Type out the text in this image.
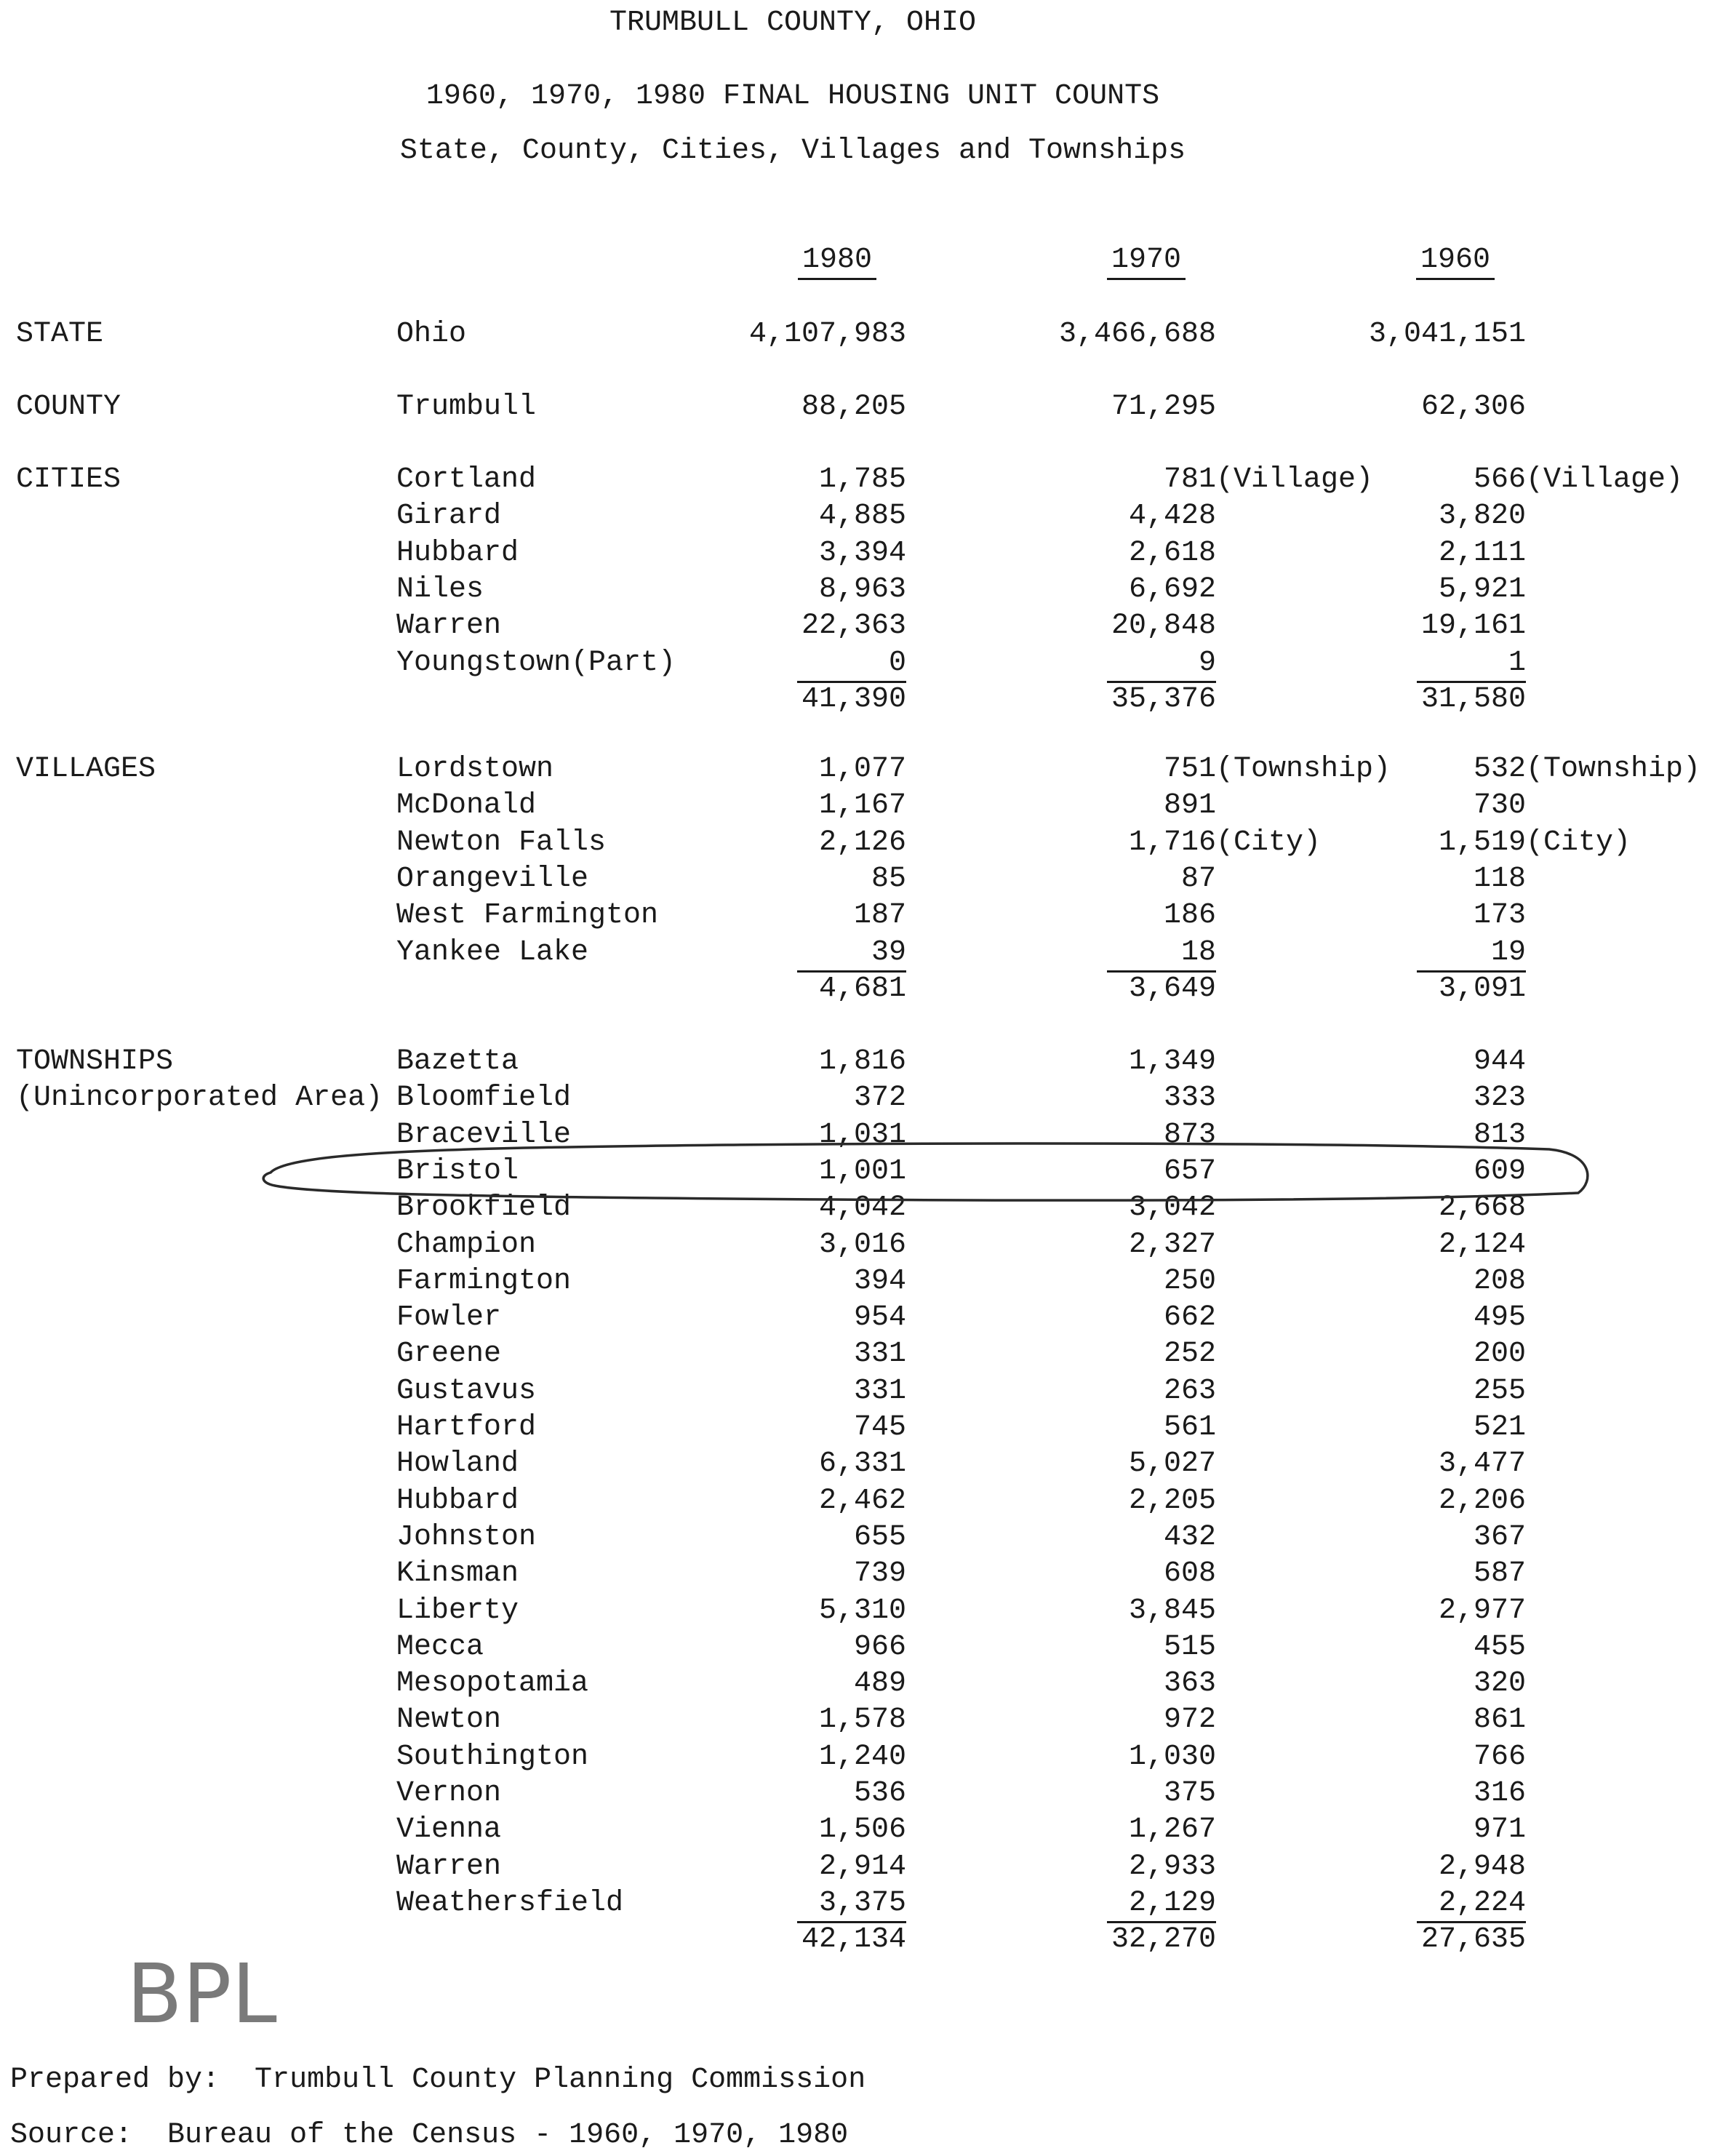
TRUMBULL COUNTY, OHIO
1960, 1970, 1980 FINAL HOUSING UNIT COUNTS
State, County, Cities, Villages and Townships
1980	1970	1960
STATE	Ohio	4,107,983	3,466,688	3,041,151
COUNTY	Trumbull	88,205	71,295	62,306
CITIES	Cortland	1,785	781 (Village)	566 (Village)
Girard	4,885	4,428	3,820
Hubbard	3,394	2,618	2,111
Niles	8,963	6,692	5,921
Warren	22,363	20,848	19,161
Youngstown(Part)	0	9	1
41,390	35,376	31,580
VILLAGES	Lordstown	1,077	751 (Township)	532 (Township)
McDonald	1,167	891	730
Newton Falls	2,126	1,716 (City)	1,519 (City)
Orangeville	85	87	118
West Farmington	187	186	173
Yankee Lake	39	18	19
4,681	3,649	3,091
TOWNSHIPS
(Unincorporated Area)
Bazetta	1,816	1,349	944
Bloomfield	372	333	323
Braceville	1,031	873	813
Bristol	1,001	657	609
Brookfield	4,042	3,042	2,668
Champion	3,016	2,327	2,124
Farmington	394	250	208
Fowler	954	662	495
Greene	331	252	200
Gustavus	331	263	255
Hartford	745	561	521
Howland	6,331	5,027	3,477
Hubbard	2,462	2,205	2,206
Johnston	655	432	367
Kinsman	739	608	587
Liberty	5,310	3,845	2,977
Mecca	966	515	455
Mesopotamia	489	363	320
Newton	1,578	972	861
Southington	1,240	1,030	766
Vernon	536	375	316
Vienna	1,506	1,267	971
Warren	2,914	2,933	2,948
Weathersfield	3,375	2,129	2,224
42,134	32,270	27,635
BPL
Prepared by:  Trumbull County Planning Commission
Source:  Bureau of the Census - 1960, 1970, 1980
